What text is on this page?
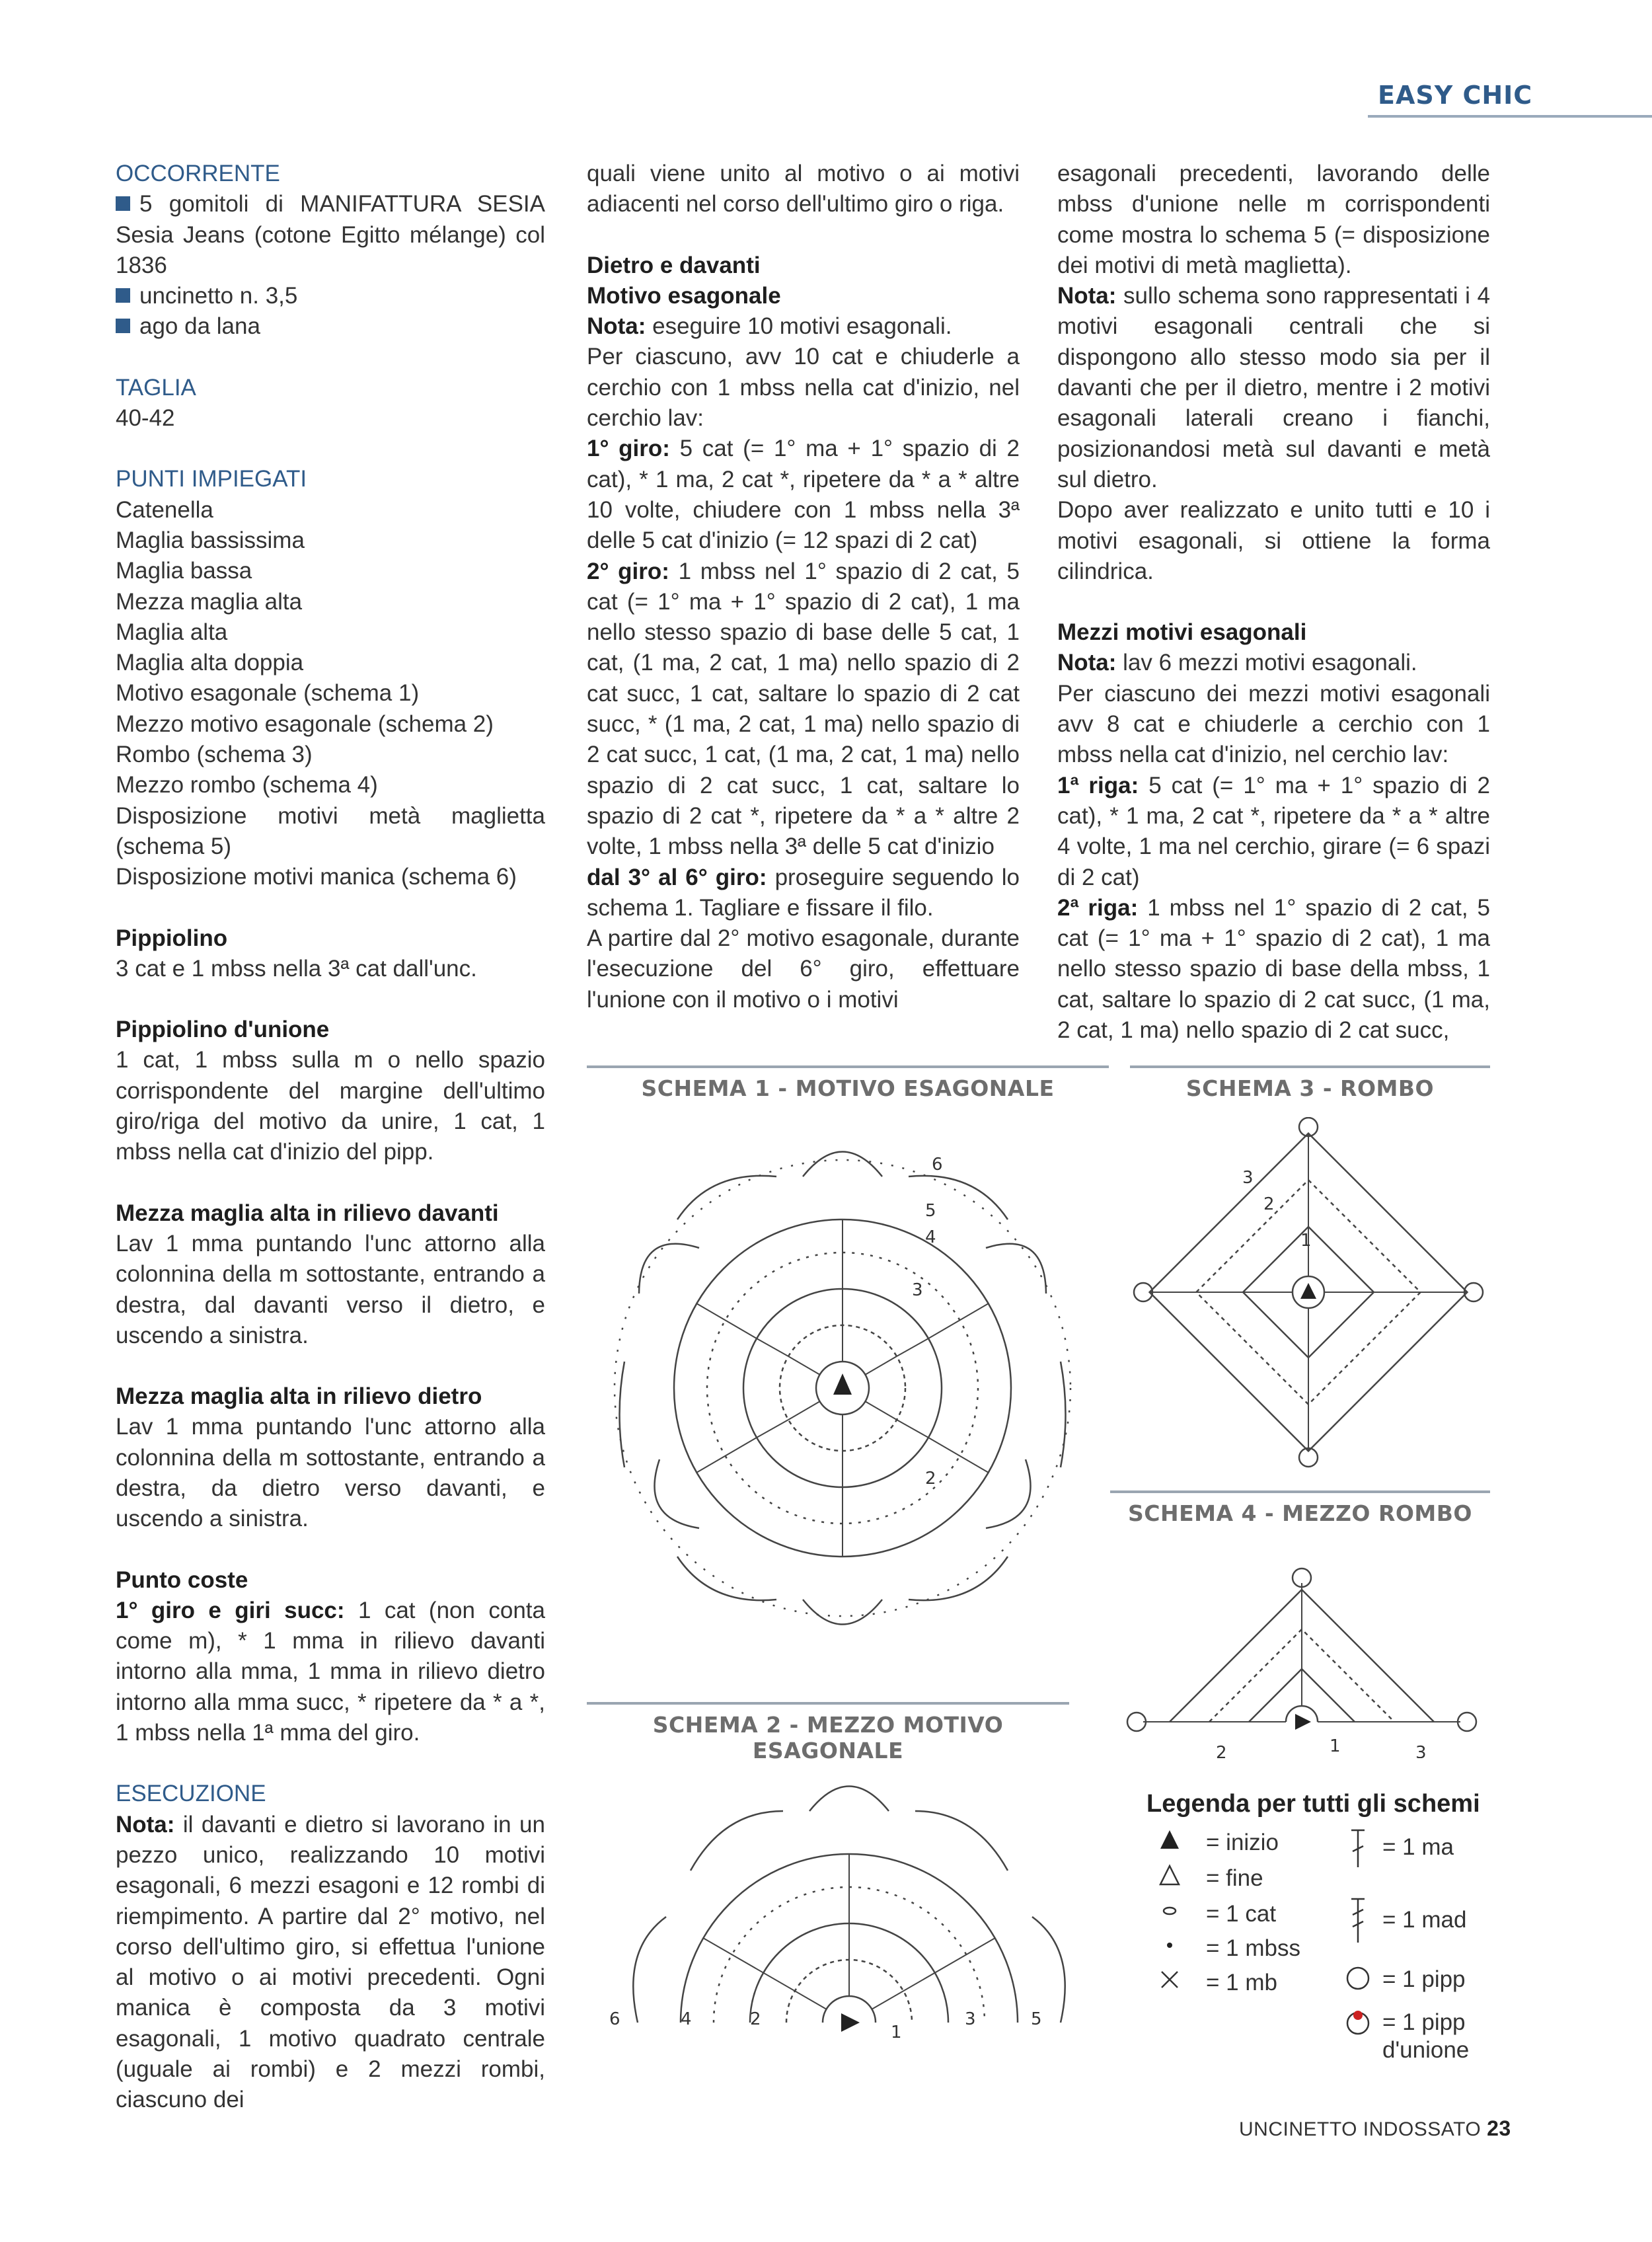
EASY CHIC

OCCORRENTE

5 gomitoli di MANIFATTURA SESIA Sesia Jeans (cotone Egitto mélange) col 1836

uncinetto n. 3,5

ago da lana

TAGLIA

40-42

PUNTI IMPIEGATI

Catenella

Maglia bassissima

Maglia bassa

Mezza maglia alta

Maglia alta

Maglia alta doppia

Motivo esagonale (schema 1)

Mezzo motivo esagonale (schema 2)

Rombo (schema 3)

Mezzo rombo (schema 4)

Disposizione motivi metà maglietta (schema 5)

Disposizione motivi manica (schema 6)

Pippiolino

3 cat e 1 mbss nella 3ª cat dall'unc.

Pippiolino d'unione

1 cat, 1 mbss sulla m o nello spazio corrispondente del margine dell'ultimo giro/riga del motivo da unire, 1 cat, 1 mbss nella cat d'inizio del pipp.

Mezza maglia alta in rilievo davanti

Lav 1 mma puntando l'unc attorno alla colonnina della m sottostante, entrando a destra, dal davanti verso il dietro, e uscendo a sinistra.

Mezza maglia alta in rilievo dietro

Lav 1 mma puntando l'unc attorno alla colonnina della m sottostante, entrando a destra, da dietro verso davanti, e uscendo a sinistra.

Punto coste

1° giro e giri succ: 1 cat (non conta come m), * 1 mma in rilievo davanti intorno alla mma, 1 mma in rilievo dietro intorno alla mma succ, * ripetere da * a *, 1 mbss nella 1ª mma del giro.

ESECUZIONE

Nota: il davanti e dietro si lavorano in un pezzo unico, realizzando 10 motivi esagonali, 6 mezzi esagoni e 12 rombi di riempimento. A partire dal 2° motivo, nel corso dell'ultimo giro, si effettua l'unione al motivo o ai motivi precedenti. Ogni manica è composta da 3 motivi esagonali, 1 motivo quadrato centrale (uguale ai rombi) e 2 mezzi rombi, ciascuno dei

quali viene unito al motivo o ai motivi adiacenti nel corso dell'ultimo giro o riga.

Dietro e davanti

Motivo esagonale

Nota: eseguire 10 motivi esagonali.

Per ciascuno, avv 10 cat e chiuderle a cerchio con 1 mbss nella cat d'inizio, nel cerchio lav:

1° giro: 5 cat (= 1° ma + 1° spazio di 2 cat), * 1 ma, 2 cat *, ripetere da * a * altre 10 volte, chiudere con 1 mbss nella 3ª delle 5 cat d'inizio (= 12 spazi di 2 cat)

2° giro: 1 mbss nel 1° spazio di 2 cat, 5 cat (= 1° ma + 1° spazio di 2 cat), 1 ma nello stesso spazio di base delle 5 cat, 1 cat, (1 ma, 2 cat, 1 ma) nello spazio di 2 cat succ, 1 cat, saltare lo spazio di 2 cat succ, * (1 ma, 2 cat, 1 ma) nello spazio di 2 cat succ, 1 cat, (1 ma, 2 cat, 1 ma) nello spazio di 2 cat succ, 1 cat, saltare lo spazio di 2 cat *, ripetere da * a * altre 2 volte, 1 mbss nella 3ª delle 5 cat d'inizio

dal 3° al 6° giro: proseguire seguendo lo schema 1. Tagliare e fissare il filo.

A partire dal 2° motivo esagonale, durante l'esecuzione del 6° giro, effettuare l'unione con il motivo o i motivi

esagonali precedenti, lavorando delle mbss d'unione nelle m corrispondenti come mostra lo schema 5 (= disposizione dei motivi di metà maglietta).

Nota: sullo schema sono rappresentati i 4 motivi esagonali centrali che si dispongono allo stesso modo sia per il davanti che per il dietro, mentre i 2 motivi esagonali laterali creano i fianchi, posizionandosi metà sul davanti e metà sul dietro.

Dopo aver realizzato e unito tutti e 10 i motivi esagonali, si ottiene la forma cilindrica.

Mezzi motivi esagonali

Nota: lav 6 mezzi motivi esagonali.

Per ciascuno dei mezzi motivi esagonali avv 8 cat e chiuderle a cerchio con 1 mbss nella cat d'inizio, nel cerchio lav:

1ª riga: 5 cat (= 1° ma + 1° spazio di 2 cat), * 1 ma, 2 cat *, ripetere da * a * altre 4 volte, 1 ma nel cerchio, girare (= 6 spazi di 2 cat)

2ª riga: 1 mbss nel 1° spazio di 2 cat, 5 cat (= 1° ma + 1° spazio di 2 cat), 1 ma nello stesso spazio di base della mbss, 1 cat, saltare lo spazio di 2 cat succ, (1 ma, 2 cat, 1 ma) nello spazio di 2 cat succ,

SCHEMA 1 - MOTIVO ESAGONALE
2
3
4
5
6
SCHEMA 2 - MEZZO MOTIVO ESAGONALE
1
2	3
4	5
6
SCHEMA 3 - ROMBO
1
2
3
SCHEMA 4 - MEZZO ROMBO
1
2	3
Legenda per tutti gli schemi
= inizio
= fine
= 1 cat
= 1 mbss
= 1 mb
= 1 ma
= 1 mad
= 1 pipp
= 1 pipp
d'unione
UNCINETTO INDOSSATO 23
